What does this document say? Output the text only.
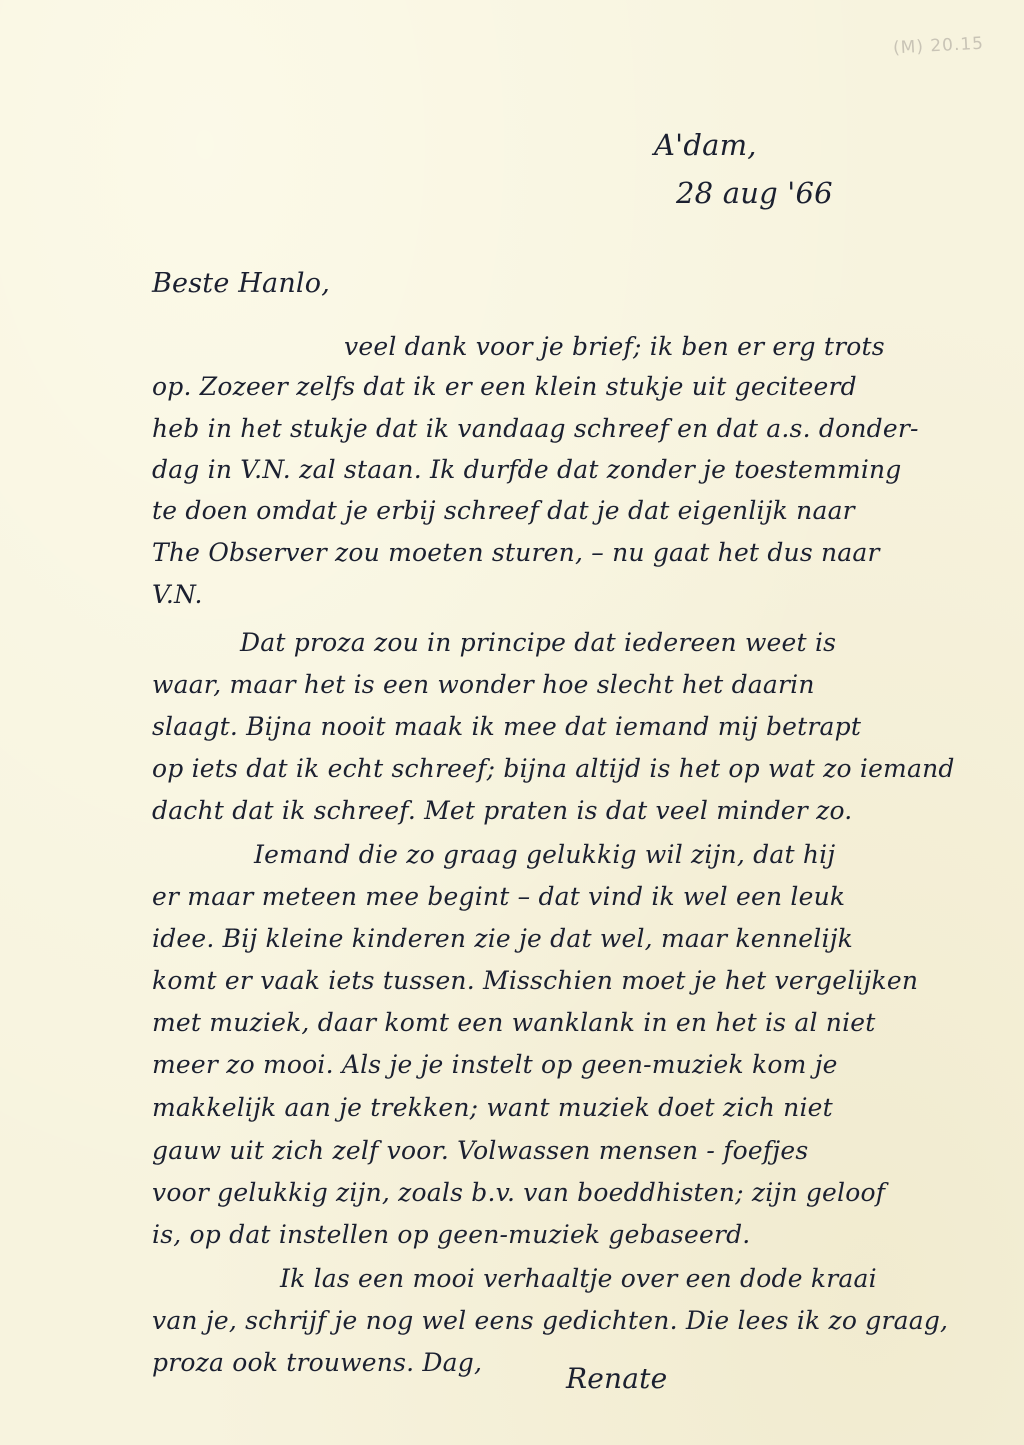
(M) 20.15
A'dam,
28 aug '66
Beste Hanlo,
veel dank voor je brief; ik ben er erg trots
op. Zozeer zelfs dat ik er een klein stukje uit geciteerd
heb in het stukje dat ik vandaag schreef en dat a.s. donder-
dag in V.N. zal staan. Ik durfde dat zonder je toestemming
te doen omdat je erbij schreef dat je dat eigenlijk naar
The Observer zou moeten sturen, – nu gaat het dus naar
V.N.
Dat proza zou in principe dat iedereen weet is
waar, maar het is een wonder hoe slecht het daarin
slaagt. Bijna nooit maak ik mee dat iemand mij betrapt
op iets dat ik echt schreef; bijna altijd is het op wat zo iemand
dacht dat ik schreef. Met praten is dat veel minder zo.
Iemand die zo graag gelukkig wil zijn, dat hij
er maar meteen mee begint – dat vind ik wel een leuk
idee. Bij kleine kinderen zie je dat wel, maar kennelijk
komt er vaak iets tussen. Misschien moet je het vergelijken
met muziek, daar komt een wanklank in en het is al niet
meer zo mooi. Als je je instelt op geen-muziek kom je
makkelijk aan je trekken; want muziek doet zich niet
gauw uit zich zelf voor. Volwassen mensen - foefjes
voor gelukkig zijn, zoals b.v. van boeddhisten; zijn geloof
is, op dat instellen op geen-muziek gebaseerd.
Ik las een mooi verhaaltje over een dode kraai
van je, schrijf je nog wel eens gedichten. Die lees ik zo graag,
proza ook trouwens. Dag,	Renate
